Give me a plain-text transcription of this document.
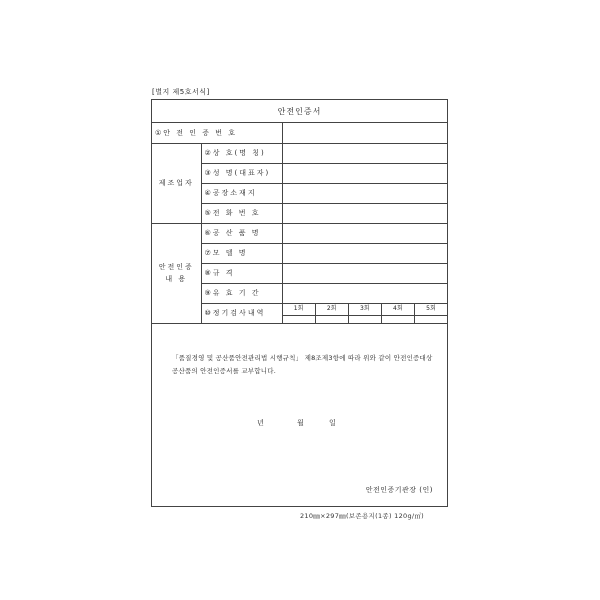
[별지 제5호서식]
안전인증서
①안 전 인 증 번 호		
제조업자	②상 호(명 칭)	
	③성 명(대표자)	
	④공장소재지	
	⑤전 화 번 호	
안전인증
내 용	⑥공 산 품 명	
	⑦모 델 명	
	⑧규 격	
	⑨유 효 기 간	
	⑩정기검사내역	1회 2회 3회 4회 5회
「품질경영 및 공산품안전관리법 시행규칙」 제8조제3항에 따라 위와 같이 안전인증대상공산품의 안전인증서를 교부합니다.
년	월	일
안전인증기관장 (인)
210㎜×297㎜(보존용지(1종) 120g/㎡)
